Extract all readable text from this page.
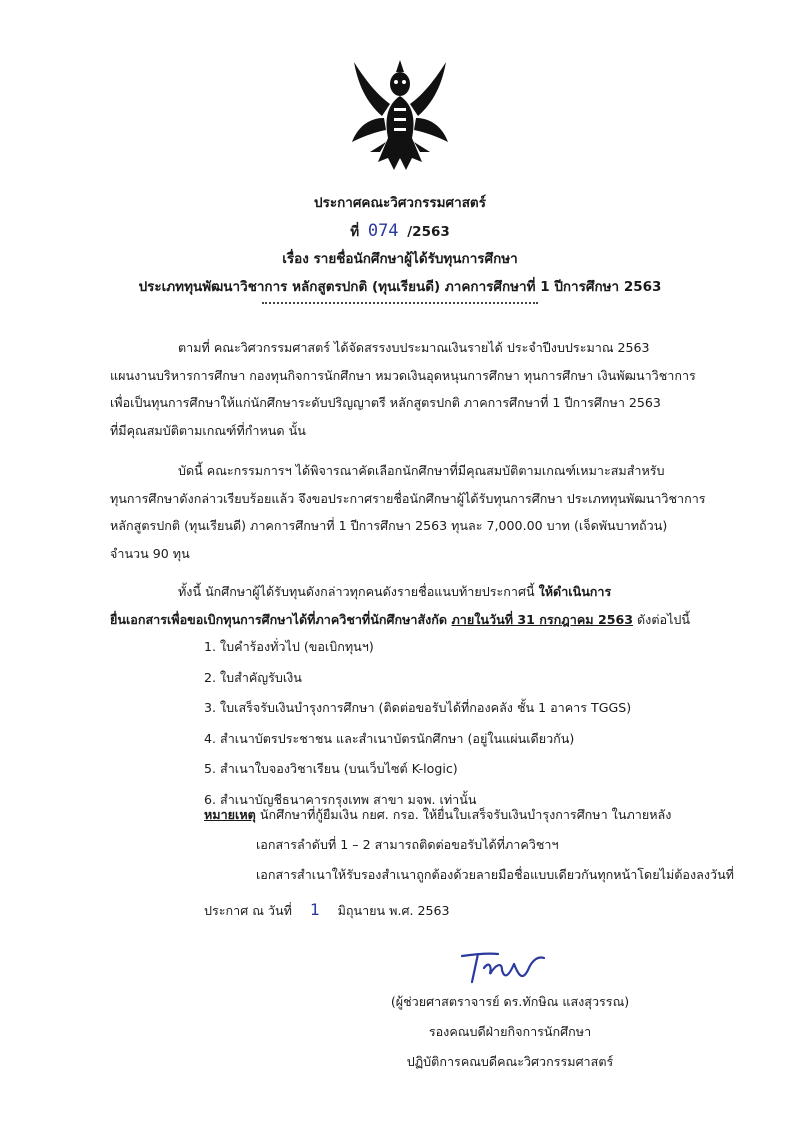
ประกาศคณะวิศวกรรมศาสตร์
ที่ 074 /2563
เรื่อง รายชื่อนักศึกษาผู้ได้รับทุนการศึกษา
ประเภททุนพัฒนาวิชาการ หลักสูตรปกติ (ทุนเรียนดี) ภาคการศึกษาที่ 1 ปีการศึกษา 2563
ตามที่ คณะวิศวกรรมศาสตร์ ได้จัดสรรงบประมาณเงินรายได้ ประจำปีงบประมาณ 2563
แผนงานบริหารการศึกษา กองทุนกิจการนักศึกษา หมวดเงินอุดหนุนการศึกษา ทุนการศึกษา เงินพัฒนาวิชาการ
เพื่อเป็นทุนการศึกษาให้แก่นักศึกษาระดับปริญญาตรี หลักสูตรปกติ ภาคการศึกษาที่ 1 ปีการศึกษา 2563
ที่มีคุณสมบัติตามเกณฑ์ที่กำหนด นั้น
บัดนี้ คณะกรรมการฯ ได้พิจารณาคัดเลือกนักศึกษาที่มีคุณสมบัติตามเกณฑ์เหมาะสมสำหรับ
ทุนการศึกษาดังกล่าวเรียบร้อยแล้ว จึงขอประกาศรายชื่อนักศึกษาผู้ได้รับทุนการศึกษา ประเภททุนพัฒนาวิชาการ
หลักสูตรปกติ (ทุนเรียนดี) ภาคการศึกษาที่ 1 ปีการศึกษา 2563 ทุนละ 7,000.00 บาท (เจ็ดพันบาทถ้วน)
จำนวน 90 ทุน
ทั้งนี้ นักศึกษาผู้ได้รับทุนดังกล่าวทุกคนดังรายชื่อแนบท้ายประกาศนี้ ให้ดำเนินการ
ยื่นเอกสารเพื่อขอเบิกทุนการศึกษาได้ที่ภาควิชาที่นักศึกษาสังกัด ภายในวันที่ 31 กรกฎาคม 2563 ดังต่อไปนี้
1. ใบคำร้องทั่วไป (ขอเบิกทุนฯ)
2. ใบสำคัญรับเงิน
3. ใบเสร็จรับเงินบำรุงการศึกษา (ติดต่อขอรับได้ที่กองคลัง ชั้น 1 อาคาร TGGS)
4. สำเนาบัตรประชาชน และสำเนาบัตรนักศึกษา (อยู่ในแผ่นเดียวกัน)
5. สำเนาใบจองวิชาเรียน (บนเว็บไซต์ K-logic)
6. สำเนาบัญชีธนาคารกรุงเทพ สาขา มจพ. เท่านั้น
หมายเหตุ นักศึกษาที่กู้ยืมเงิน กยศ. กรอ. ให้ยื่นใบเสร็จรับเงินบำรุงการศึกษา ในภายหลัง
เอกสารลำดับที่ 1 – 2 สามารถติดต่อขอรับได้ที่ภาควิชาฯ
เอกสารสำเนาให้รับรองสำเนาถูกต้องด้วยลายมือชื่อแบบเดียวกันทุกหน้าโดยไม่ต้องลงวันที่
ประกาศ ณ วันที่ 1 มิถุนายน พ.ศ. 2563
(ผู้ช่วยศาสตราจารย์ ดร.ทักษิณ แสงสุวรรณ)
รองคณบดีฝ่ายกิจการนักศึกษา
ปฏิบัติการคณบดีคณะวิศวกรรมศาสตร์
